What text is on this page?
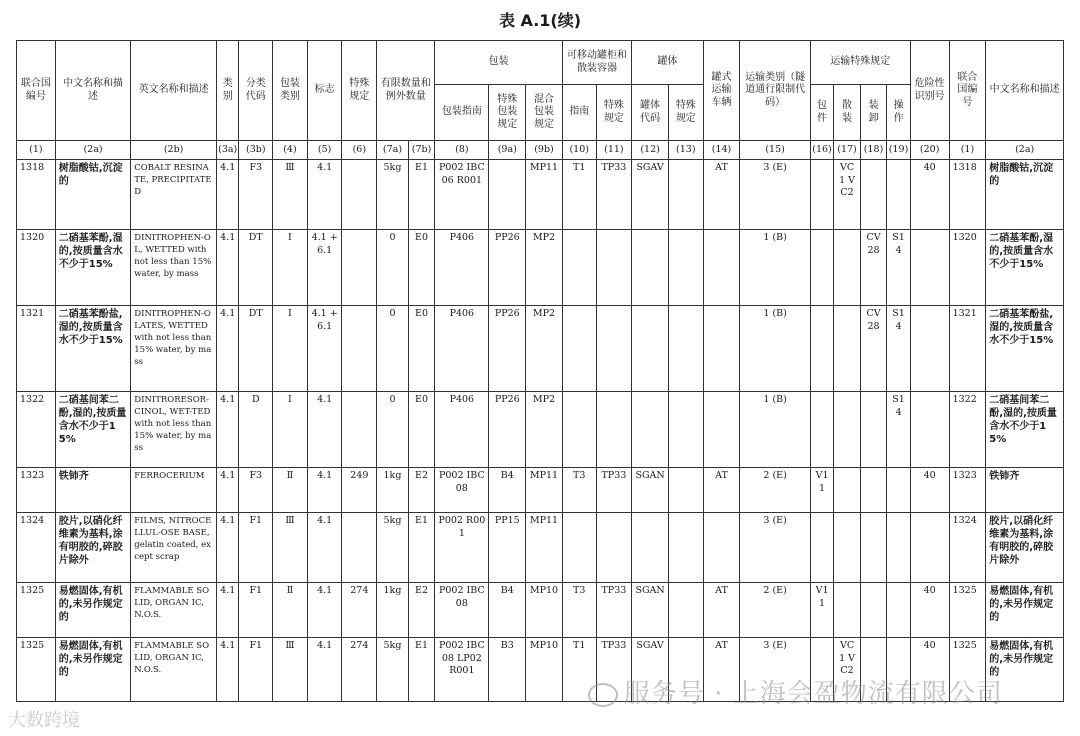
表 A.1(续)
联合国编号	中文名称和描述	英文名称和描述	类别	分类代码	包装类别	标志	特殊规定	有限数量和例外数量		包装			可移动罐柜和散装容器		罐体		罐式运输车辆	运输类别（隧道通行限制代码）	运输特殊规定				危险性识别号	联合国编号	中文名称和描述
										包装指南	特殊包装规定	混合包装规定	指南	特殊规定	罐体代码	特殊规定			包件	散装	装卸	操作			
(1)	(2a)	(2b)	(3a)	(3b)	(4)	(5)	(6)	(7a)	(7b)	(8)	(9a)	(9b)	(10)	(11)	(12)	(13)	(14)	(15)	(16)	(17)	(18)	(19)	(20)	(1)	(2a)
1318	树脂酸钴,沉淀的	COBALT RESINATE, PRECIPITATED	4.1	F3	Ⅲ	4.1		5kg	E1	P002 IBC06 R001		MP11	T1	TP33	SGAV		AT	3 (E)		VC1 VC2			40	1318	树脂酸钴,沉淀的
1320	二硝基苯酚,湿的,按质量含水不少于15%	DINITROPHEN-OL, WETTED with not less than 15% water, by mass	4.1	DT	Ⅰ	4.1 +6.1		0	E0	P406	PP26	MP2						1 (B)			CV28	S14		1320	二硝基苯酚,湿的,按质量含水不少于15%
1321	二硝基苯酚盐,湿的,按质量含水不少于15%	DINITROPHEN-OLATES, WETTED with not less than 15% water, by mass	4.1	DT	Ⅰ	4.1 +6.1		0	E0	P406	PP26	MP2						1 (B)			CV28	S14		1321	二硝基苯酚盐,湿的,按质量含水不少于15%
1322	二硝基间苯二酚,湿的,按质量含水不少于15%	DINITRORESOR-CINOL, WET-TED with not less than 15% water, by mass	4.1	D	Ⅰ	4.1		0	E0	P406	PP26	MP2						1 (B)				S14		1322	二硝基间苯二酚,湿的,按质量含水不少于15%
1323	铁铈齐	FERROCERIUM	4.1	F3	Ⅱ	4.1	249	1kg	E2	P002 IBC08	B4	MP11	T3	TP33	SGAN		AT	2 (E)	V11				40	1323	铁铈齐
1324	胶片,以硝化纤维素为基料,涂有明胶的,碎胶片除外	FILMS, NITROCELLUL-OSE BASE, gelatin coated, except scrap	4.1	F1	Ⅲ	4.1		5kg	E1	P002 R001	PP15	MP11						3 (E)						1324	胶片,以硝化纤维素为基料,涂有明胶的,碎胶片除外
1325	易燃固体,有机的,未另作规定的	FLAMMABLE SOLID, ORGAN IC, N.O.S.	4.1	F1	Ⅱ	4.1	274	1kg	E2	P002 IBC08	B4	MP10	T3	TP33	SGAN		AT	2 (E)	V11				40	1325	易燃固体,有机的,未另作规定的
1325	易燃固体,有机的,未另作规定的	FLAMMABLE SOLID, ORGAN IC, N.O.S.	4.1	F1	Ⅲ	4.1	274	5kg	E1	P002 IBC08 LP02 R001	B3	MP10	T1	TP33	SGAV		AT	3 (E)		VC1 VC2			40	1325	易燃固体,有机的,未另作规定的
服务号 · 上海会盈物流有限公司
大数跨境
